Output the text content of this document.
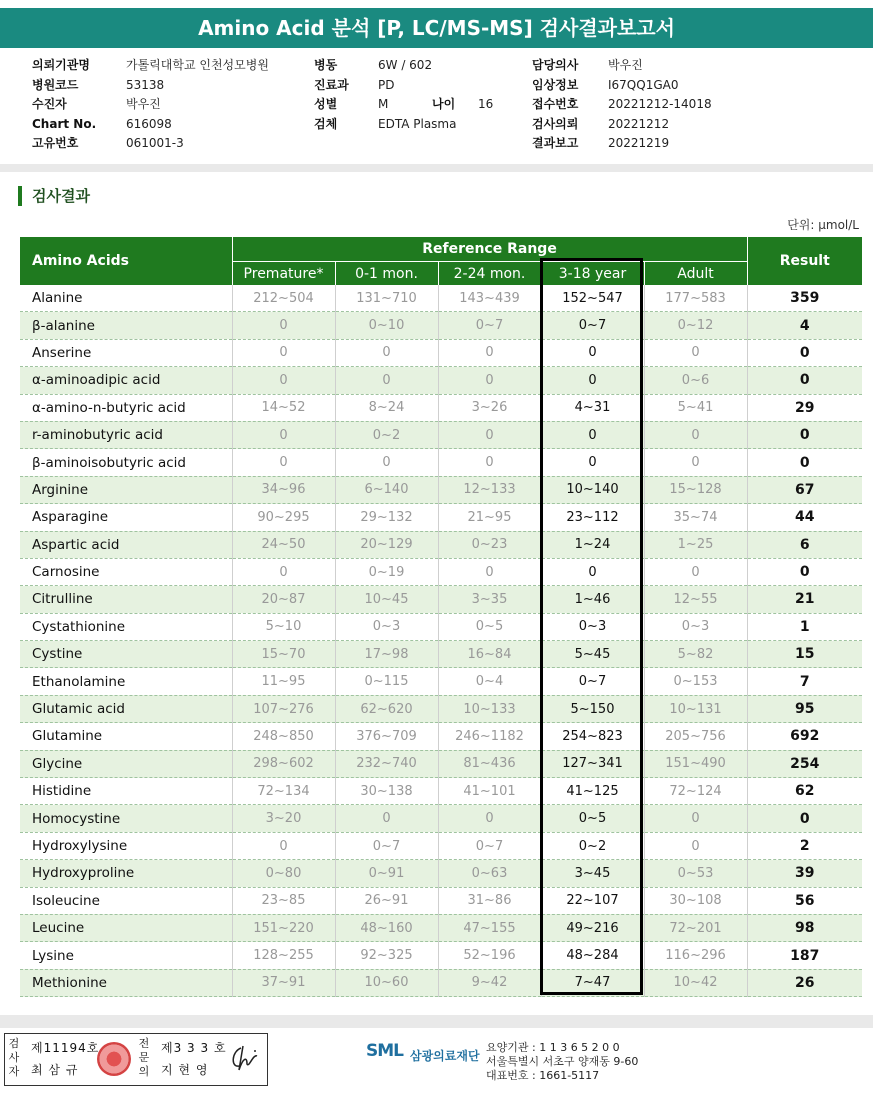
Amino Acid 분석 [P, LC/MS-MS] 검사결과보고서
의뢰기관명	가톨릭대학교 인천성모병원
병원코드	53138
수진자	박우진
Chart No.	616098
고유번호	061001-3
병동	6W / 602
진료과	PD
성별	M	나이	16
검체	EDTA Plasma
담당의사	박우진
임상정보	I67QQ1GA0
접수번호	20221212-14018
검사의뢰	20221212
결과보고	20221219
검사결과
단위: μmol/L
Amino Acids	Reference Range					Result
	Premature*	0-1 mon.	2-24 mon.	3-18 year	Adult	
Alanine	212~504	131~710	143~439	152~547	177~583	359
β-alanine	0	0~10	0~7	0~7	0~12	4
Anserine	0	0	0	0	0	0
α-aminoadipic acid	0	0	0	0	0~6	0
α-amino-n-butyric acid	14~52	8~24	3~26	4~31	5~41	29
r-aminobutyric acid	0	0~2	0	0	0	0
β-aminoisobutyric acid	0	0	0	0	0	0
Arginine	34~96	6~140	12~133	10~140	15~128	67
Asparagine	90~295	29~132	21~95	23~112	35~74	44
Aspartic acid	24~50	20~129	0~23	1~24	1~25	6
Carnosine	0	0~19	0	0	0	0
Citrulline	20~87	10~45	3~35	1~46	12~55	21
Cystathionine	5~10	0~3	0~5	0~3	0~3	1
Cystine	15~70	17~98	16~84	5~45	5~82	15
Ethanolamine	11~95	0~115	0~4	0~7	0~153	7
Glutamic acid	107~276	62~620	10~133	5~150	10~131	95
Glutamine	248~850	376~709	246~1182	254~823	205~756	692
Glycine	298~602	232~740	81~436	127~341	151~490	254
Histidine	72~134	30~138	41~101	41~125	72~124	62
Homocystine	3~20	0	0	0~5	0	0
Hydroxylysine	0	0~7	0~7	0~2	0	2
Hydroxyproline	0~80	0~91	0~63	3~45	0~53	39
Isoleucine	23~85	26~91	31~86	22~107	30~108	56
Leucine	151~220	48~160	47~155	49~216	72~201	98
Lysine	128~255	92~325	52~196	48~284	116~296	187
Methionine	37~91	10~60	9~42	7~47	10~42	26
검사자
제11194호
최 삼 규
전문의
제3 3 3 호
지 현 영
SML 삼광의료재단
요양기관 : 1 1 3 6 5 2 0 0
서울특별시 서초구 양재동 9-60
대표번호 : 1661-5117
